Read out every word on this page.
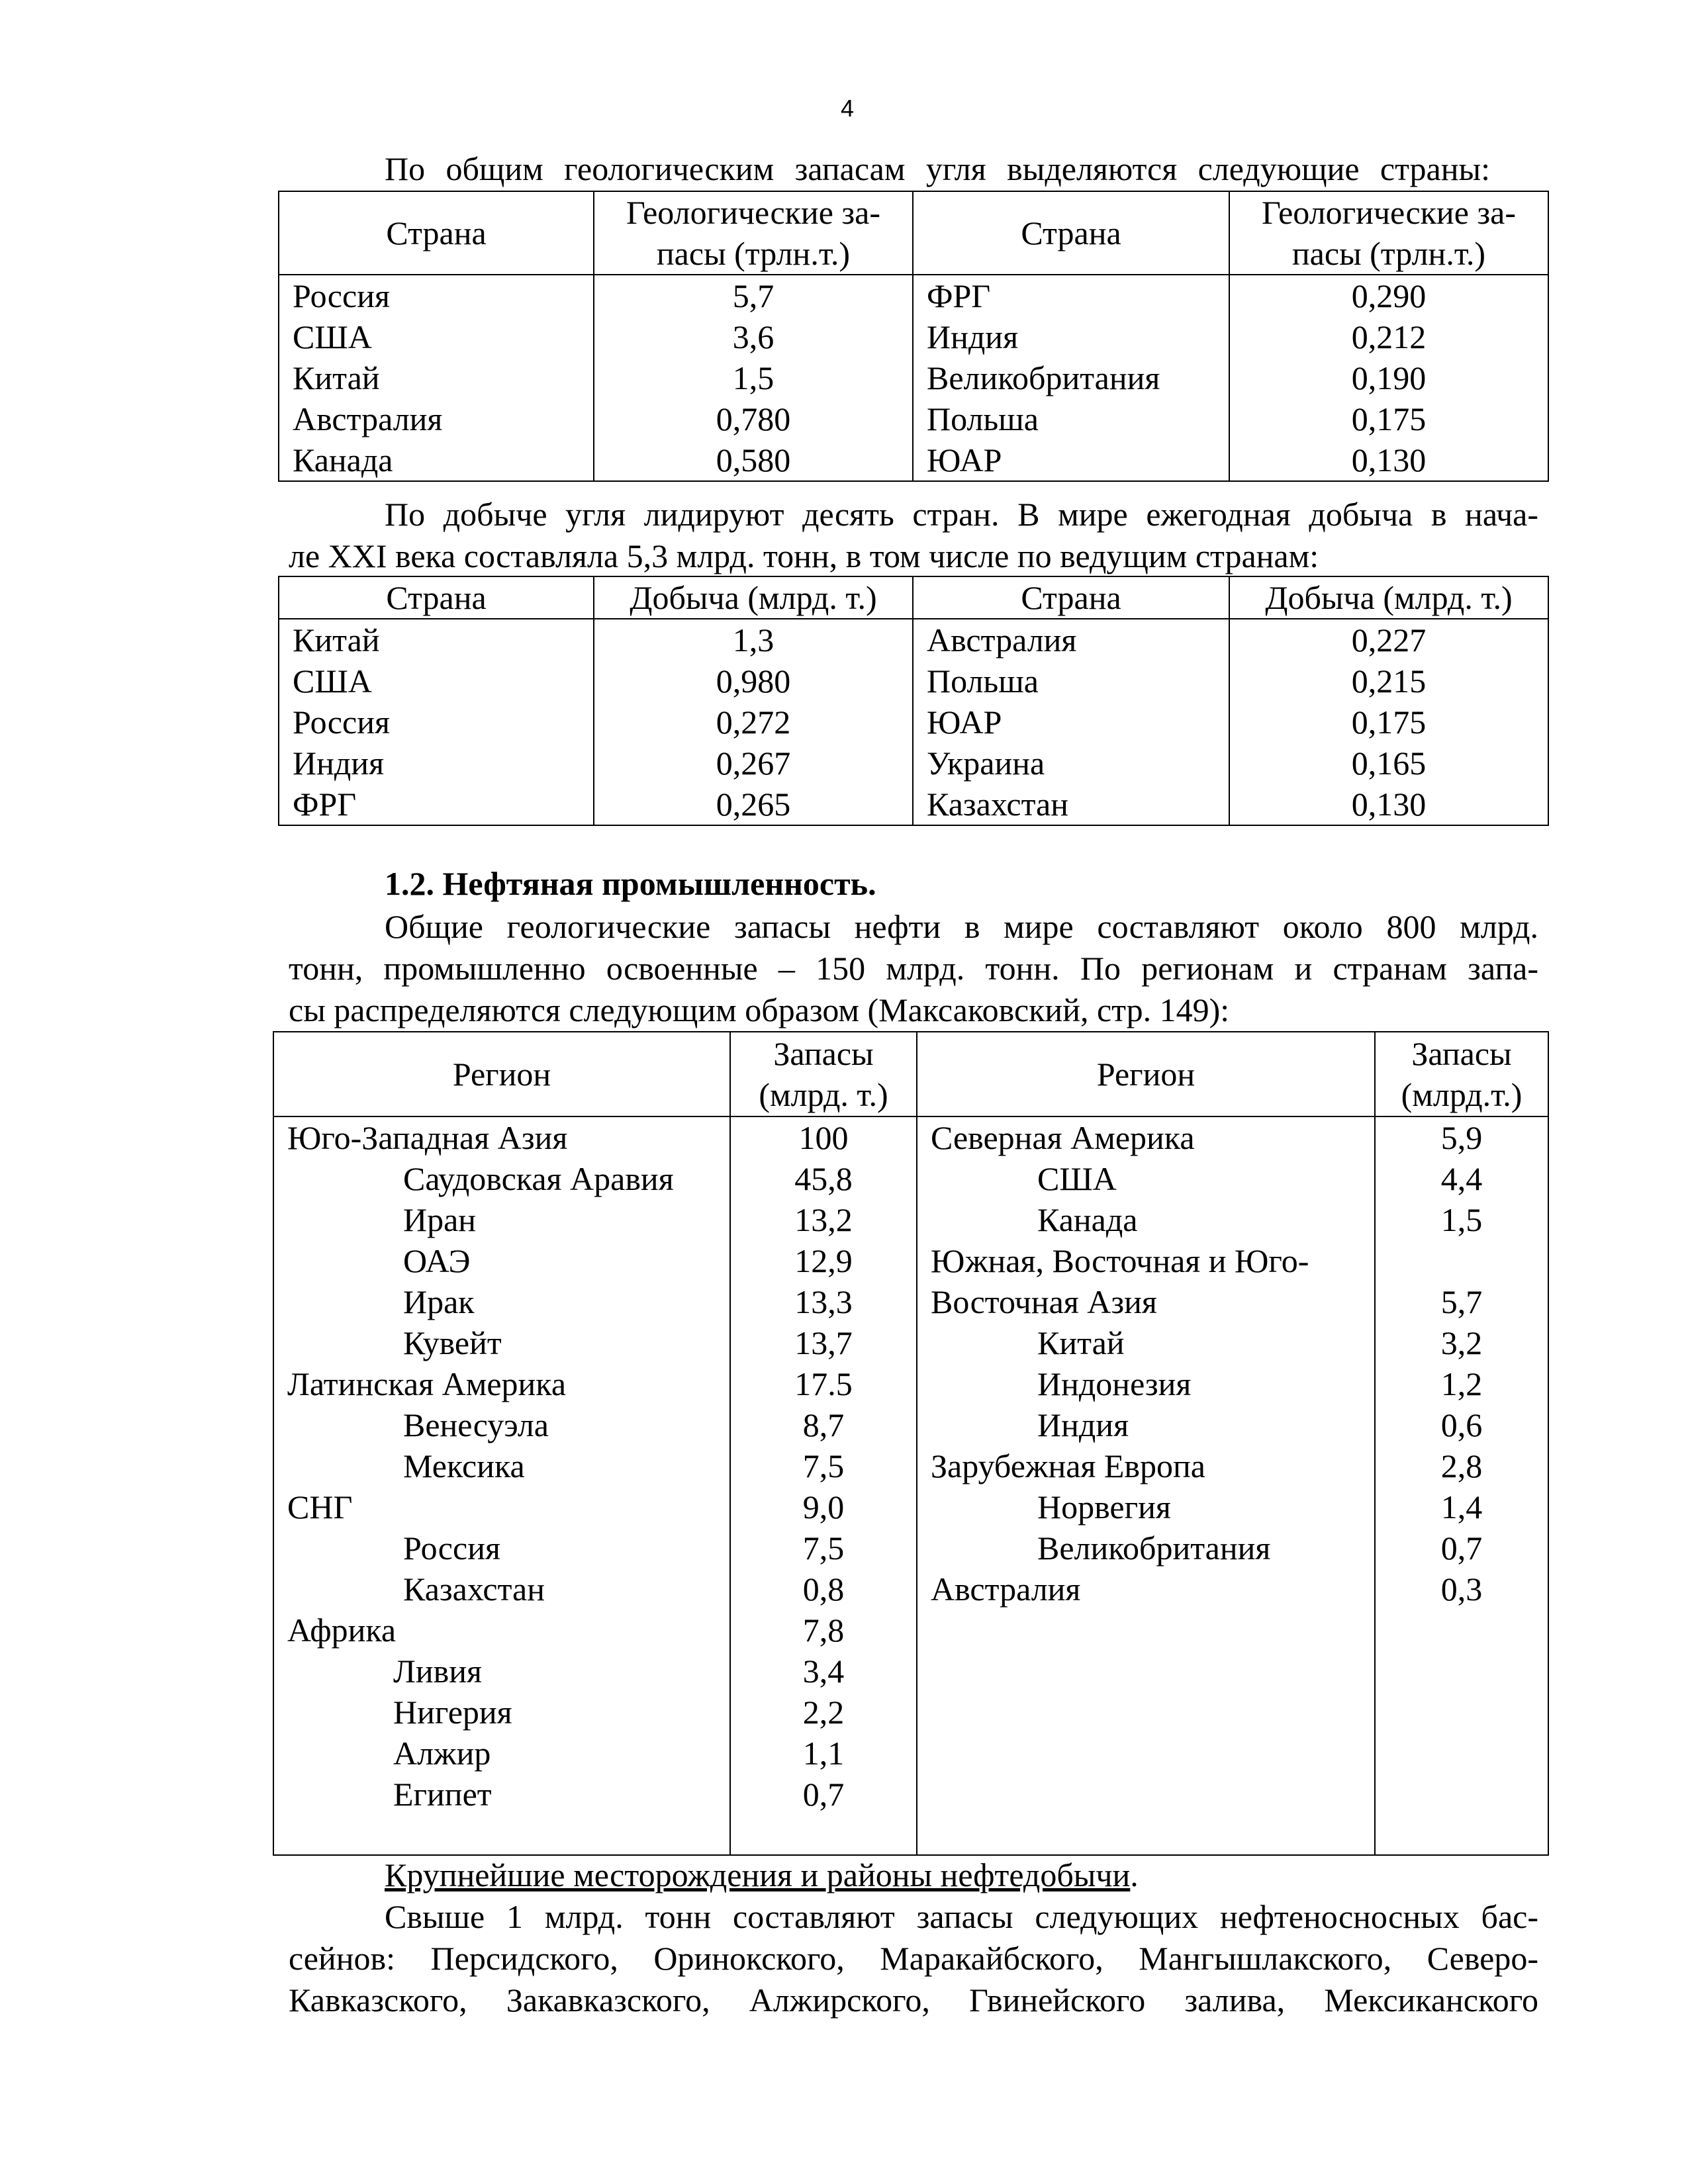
4
По общим геологическим запасам угля выделяются следующие страны:
Страна	Геологические за-пасы (трлн.т.)	Страна	Геологические за-пасы (трлн.т.)
Россия	5,7	ФРГ	0,290
США	3,6	Индия	0,212
Китай	1,5	Великобритания	0,190
Австралия	0,780	Польша	0,175
Канада	0,580	ЮАР	0,130
По добыче угля лидируют десять стран. В мире ежегодная добыча в нача-
ле XXI века составляла 5,3 млрд. тонн, в том числе по ведущим странам:
Страна	Добыча (млрд. т.)	Страна	Добыча (млрд. т.)
Китай	1,3	Австралия	0,227
США	0,980	Польша	0,215
Россия	0,272	ЮАР	0,175
Индия	0,267	Украина	0,165
ФРГ	0,265	Казахстан	0,130
1.2. Нефтяная промышленность.
Общие геологические запасы нефти в мире составляют около 800 млрд.
тонн, промышленно освоенные – 150 млрд. тонн. По регионам и странам запа-
сы распределяются следующим образом (Максаковский, стр. 149):
Регион	Запасы (млрд. т.)	Регион	Запасы (млрд.т.)
Юго-Западная Азия	100	Северная Америка	5,9
Саудовская Аравия	45,8	США	4,4
Иран	13,2	Канада	1,5
ОАЭ	12,9	Южная, Восточная и Юго-	
Ирак	13,3	Восточная Азия	5,7
Кувейт	13,7	Китай	3,2
Латинская Америка	17.5	Индонезия	1,2
Венесуэла	8,7	Индия	0,6
Мексика	7,5	Зарубежная Европа	2,8
СНГ	9,0	Норвегия	1,4
Россия	7,5	Великобритания	0,7
Казахстан	0,8	Австралия	0,3
Африка	7,8		
Ливия	3,4		
Нигерия	2,2		
Алжир	1,1		
Египет	0,7		

Крупнейшие месторождения и районы нефтедобычи.
Свыше 1 млрд. тонн составляют запасы следующих нефтеносносных бас-
сейнов: Персидского, Оринокского, Маракайбского, Мангышлакского, Северо-
Кавказского, Закавказского, Алжирского, Гвинейского залива, Мексиканского
